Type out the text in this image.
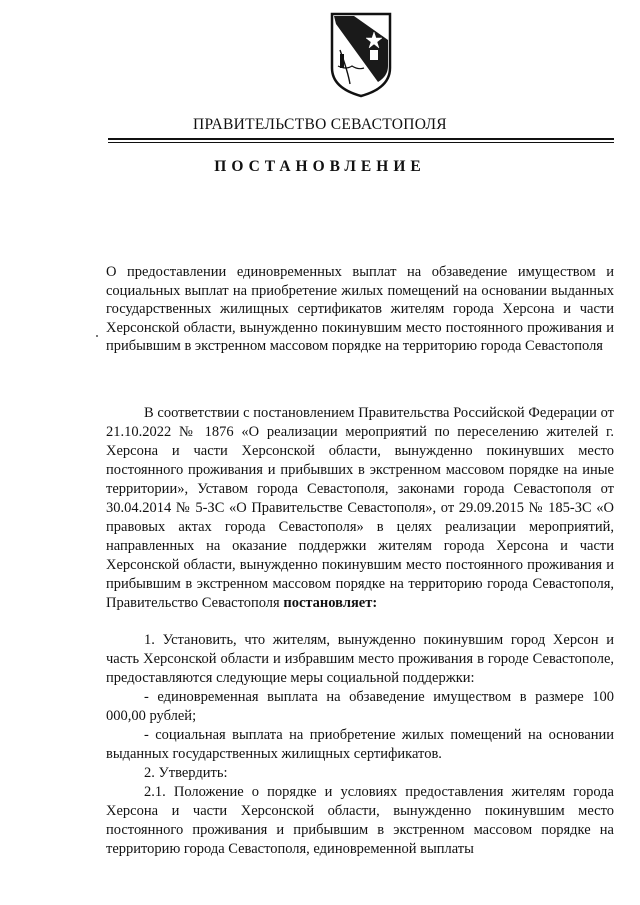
ПРАВИТЕЛЬСТВО СЕВАСТОПОЛЯ
ПОСТАНОВЛЕНИЕ
О предоставлении единовременных выплат на обзаведение имуществом и социальных выплат на приобретение жилых помещений на основании выданных государственных жилищных сертификатов жителям города Херсона и части Херсонской области, вынужденно покинувшим место постоянного проживания и прибывшим в экстренном массовом порядке на территорию города Севастополя

В соответствии с постановлением Правительства Российской Федерации от 21.10.2022 № 1876 «О реализации мероприятий по переселению жителей г. Херсона и части Херсонской области, вынужденно покинувших место постоянного проживания и прибывших в экстренном массовом порядке на иные территории», Уставом города Севастополя, законами города Севастополя от 30.04.2014 № 5-ЗС «О Правительстве Севастополя», от 29.09.2015 № 185-ЗС «О правовых актах города Севастополя» в целях реализации мероприятий, направленных на оказание поддержки жителям города Херсона и части Херсонской области, вынужденно покинувшим место постоянного проживания и прибывшим в экстренном массовом порядке на территорию города Севастополя, Правительство Севастополя постановляет:

1. Установить, что жителям, вынужденно покинувшим город Херсон и часть Херсонской области и избравшим место проживания в городе Севастополе, предоставляются следующие меры социальной поддержки:

- единовременная выплата на обзаведение имуществом в размере 100 000,00 рублей;

- социальная выплата на приобретение жилых помещений на основании выданных государственных жилищных сертификатов.

2. Утвердить:

2.1. Положение о порядке и условиях предоставления жителям города Херсона и части Херсонской области, вынужденно покинувшим место постоянного проживания и прибывшим в экстренном массовом порядке на территорию города Севастополя, единовременной выплаты
